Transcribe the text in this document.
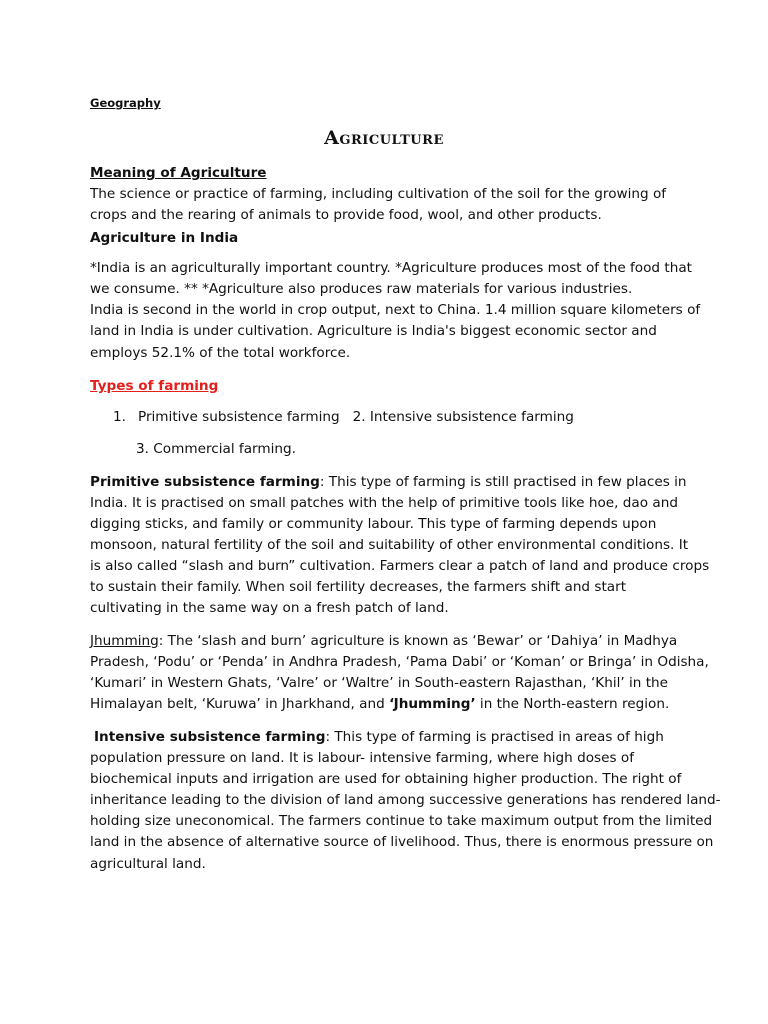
Geography

Agriculture

Meaning of Agriculture

The science or practice of farming, including cultivation of the soil for the growing of

crops and the rearing of animals to provide food, wool, and other products.

Agriculture in India

*India is an agriculturally important country. *Agriculture produces most of the food that

we consume. ** *Agriculture also produces raw materials for various industries.

India is second in the world in crop output, next to China. 1.4 million square kilometers of

land in India is under cultivation. Agriculture is India's biggest economic sector and

employs 52.1% of the total workforce.

Types of farming

1. Primitive subsistence farming 2. Intensive subsistence farming

3. Commercial farming.

Primitive subsistence farming: This type of farming is still practised in few places in

India. It is practised on small patches with the help of primitive tools like hoe, dao and

digging sticks, and family or community labour. This type of farming depends upon

monsoon, natural fertility of the soil and suitability of other environmental conditions. It

is also called “slash and burn” cultivation. Farmers clear a patch of land and produce crops

to sustain their family. When soil fertility decreases, the farmers shift and start

cultivating in the same way on a fresh patch of land.

Jhumming: The ‘slash and burn’ agriculture is known as ‘Bewar’ or ‘Dahiya’ in Madhya

Pradesh, ‘Podu’ or ‘Penda’ in Andhra Pradesh, ‘Pama Dabi’ or ‘Koman’ or Bringa’ in Odisha,

‘Kumari’ in Western Ghats, ‘Valre’ or ‘Waltre’ in South-eastern Rajasthan, ‘Khil’ in the

Himalayan belt, ‘Kuruwa’ in Jharkhand, and ‘Jhumming’ in the North-eastern region.

Intensive subsistence farming: This type of farming is practised in areas of high

population pressure on land. It is labour- intensive farming, where high doses of

biochemical inputs and irrigation are used for obtaining higher production. The right of

inheritance leading to the division of land among successive generations has rendered land-

holding size uneconomical. The farmers continue to take maximum output from the limited

land in the absence of alternative source of livelihood. Thus, there is enormous pressure on

agricultural land.
